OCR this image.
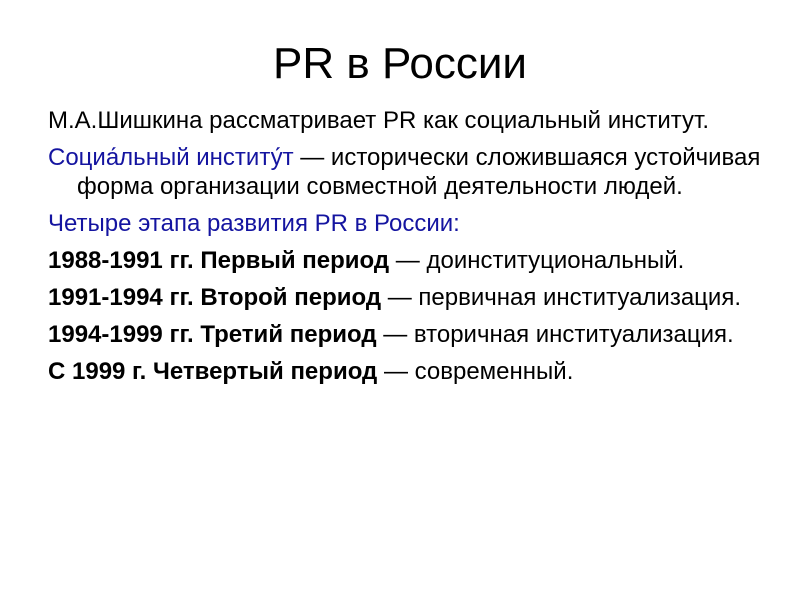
PR в России

М.А.Шишкина рассматривает PR как социальный институт.

Социа́льный институ́т — исторически сложившаяся устойчивая форма организации совместной деятельности людей.

Четыре этапа развития PR в России:

1988-1991 гг. Первый период — доинституциональный.

1991-1994 гг. Второй период — первичная институализация.

1994-1999 гг. Третий период — вторичная институализация.

С 1999 г. Четвертый период — современный.
